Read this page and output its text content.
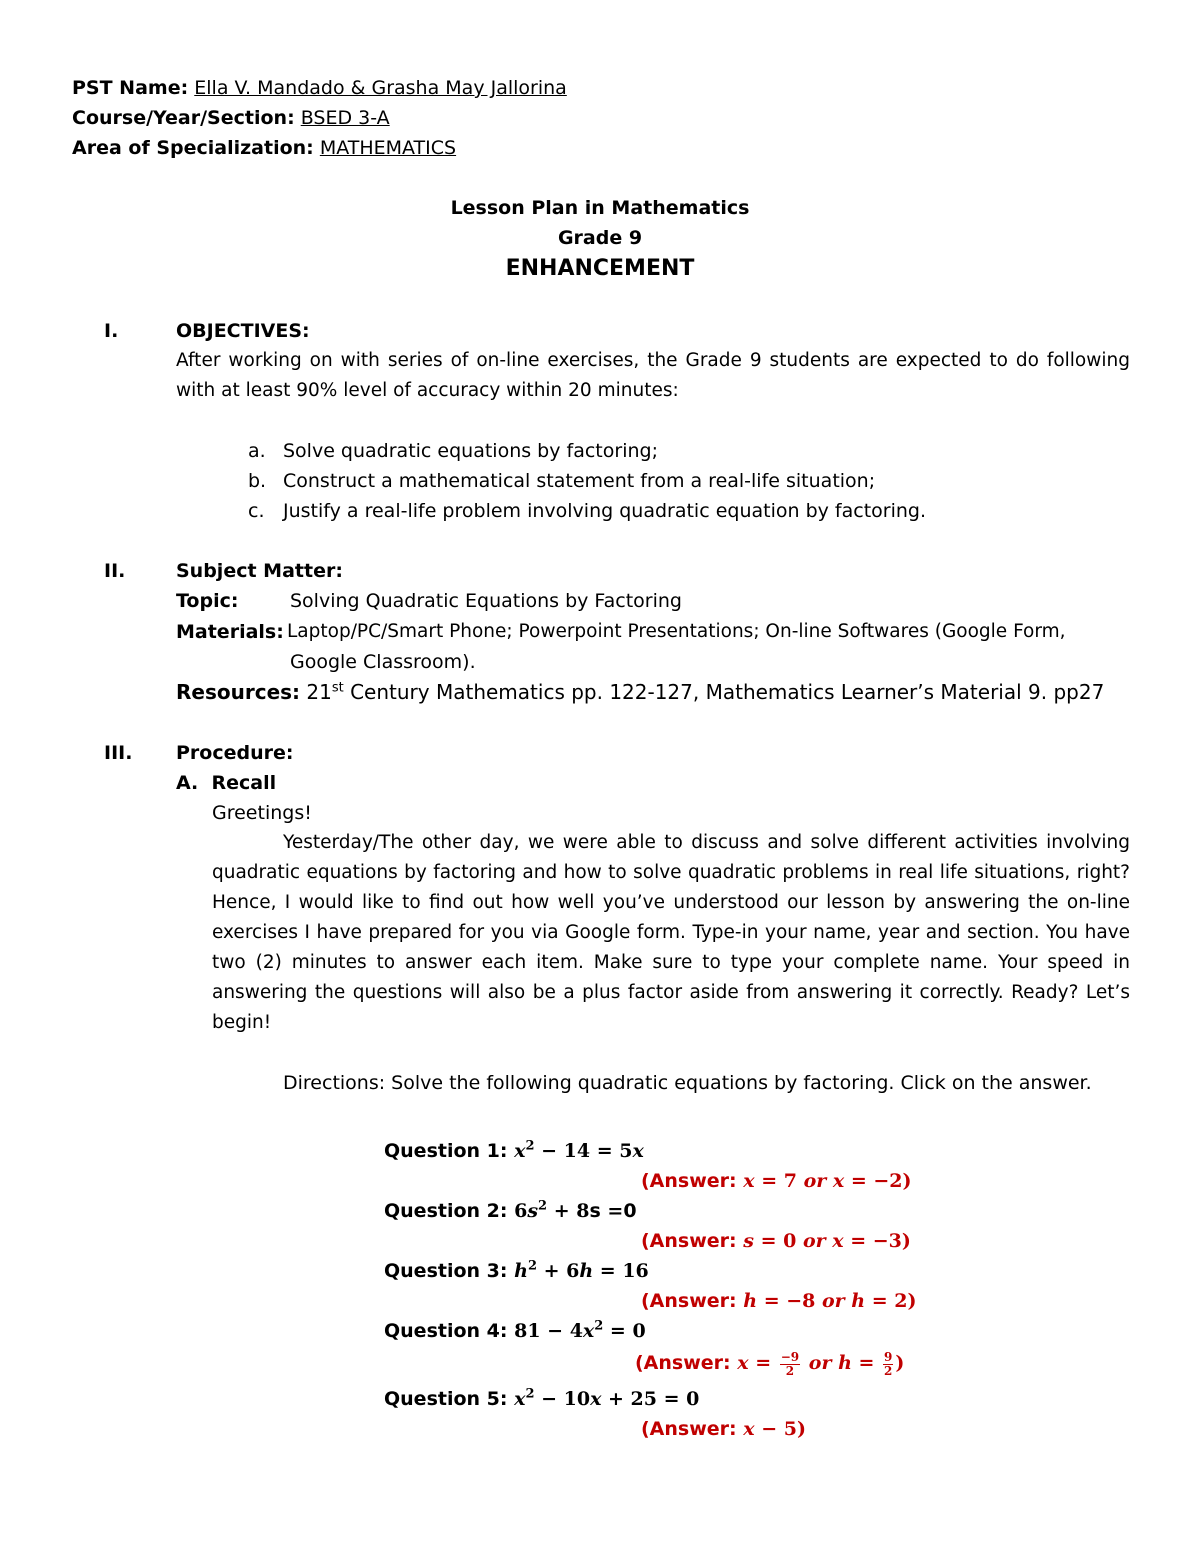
PST Name: Ella V. Mandado & Grasha May Jallorina
Course/Year/Section: BSED 3-A
Area of Specialization: MATHEMATICS
Lesson Plan in Mathematics
Grade 9
ENHANCEMENT
I.	OBJECTIVES:
After working on with series of on-line exercises, the Grade 9 students are expected to do following with at least 90% level of accuracy within 20 minutes:
a. Solve quadratic equations by factoring;
b. Construct a mathematical statement from a real-life situation;
c. Justify a real-life problem involving quadratic equation by factoring.
II.	Subject Matter:
Topic:	Solving Quadratic Equations by Factoring
Materials: Laptop/PC/Smart Phone; Powerpoint Presentations; On-line Softwares (Google Form,
Google Classroom).
Resources: 21st Century Mathematics pp. 122-127, Mathematics Learner’s Material 9. pp27
III. Procedure:
A.  Recall
Greetings!
Yesterday/The other day, we were able to discuss and solve different activities involving quadratic equations by factoring and how to solve quadratic problems in real life situations, right? Hence, I would like to find out how well you’ve understood our lesson by answering the on-line exercises I have prepared for you via Google form. Type-in your name, year and section. You have two (2) minutes to answer each item. Make sure to type your complete name. Your speed in answering the questions will also be a plus factor aside from answering it correctly. Ready? Let’s begin!
Directions: Solve the following quadratic equations by factoring. Click on the answer.
Question 1: $x^2 - 14 = 5x$
(Answer: x = 7 or x = −2)
Question 2: $6s^2 + 8s =0$
(Answer: s = 0 or x = −3)
Question 3: $h^2 + 6h = 16$
(Answer: h = −8 or h = 2)
Question 4: $81 - 4x^2 = 0$
(Answer: $x = \frac{-9}{2}$ or $h = \frac{9}{2}$ )
Question 5: $x^2 - 10x + 25 = 0$
(Answer: x − 5)
